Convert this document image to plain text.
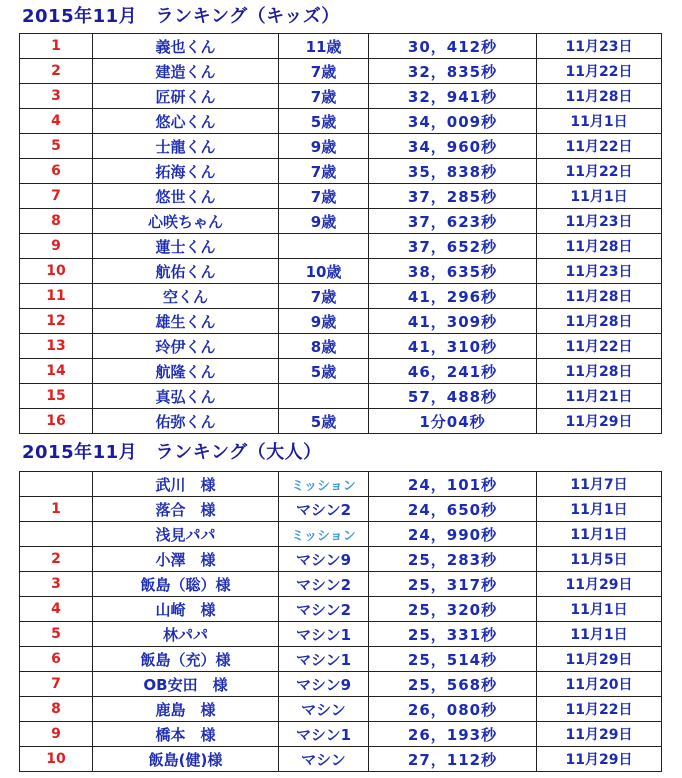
2015年11月　ランキング（キッズ）
1	義也くん	11歳	30，412秒	11月23日
2	建造くん	7歳	32，835秒	11月22日
3	匠研くん	7歳	32，941秒	11月28日
4	悠心くん	5歳	34，009秒	11月1日
5	士龍くん	9歳	34，960秒	11月22日
6	拓海くん	7歳	35，838秒	11月22日
7	悠世くん	7歳	37，285秒	11月1日
8	心咲ちゃん	9歳	37，623秒	11月23日
9	蓮士くん		37，652秒	11月28日
10	航佑くん	10歳	38，635秒	11月23日
11	空くん	7歳	41，296秒	11月28日
12	雄生くん	9歳	41，309秒	11月28日
13	玲伊くん	8歳	41，310秒	11月22日
14	航隆くん	5歳	46，241秒	11月28日
15	真弘くん		57，488秒	11月21日
16	佑弥くん	5歳	1分04秒	11月29日
2015年11月　ランキング（大人）
	武川　様	ミッション	24，101秒	11月7日
1	落合　様	マシン2	24，650秒	11月1日
	浅見パパ	ミッション	24，990秒	11月1日
2	小澤　様	マシン9	25，283秒	11月5日
3	飯島（聡）様	マシン2	25，317秒	11月29日
4	山崎　様	マシン2	25，320秒	11月1日
5	林パパ	マシン1	25，331秒	11月1日
6	飯島（充）様	マシン1	25，514秒	11月29日
7	OB安田　様	マシン9	25，568秒	11月20日
8	鹿島　様	マシン	26，080秒	11月22日
9	橋本　様	マシン1	26，193秒	11月29日
10	飯島(健)様	マシン	27，112秒	11月29日
